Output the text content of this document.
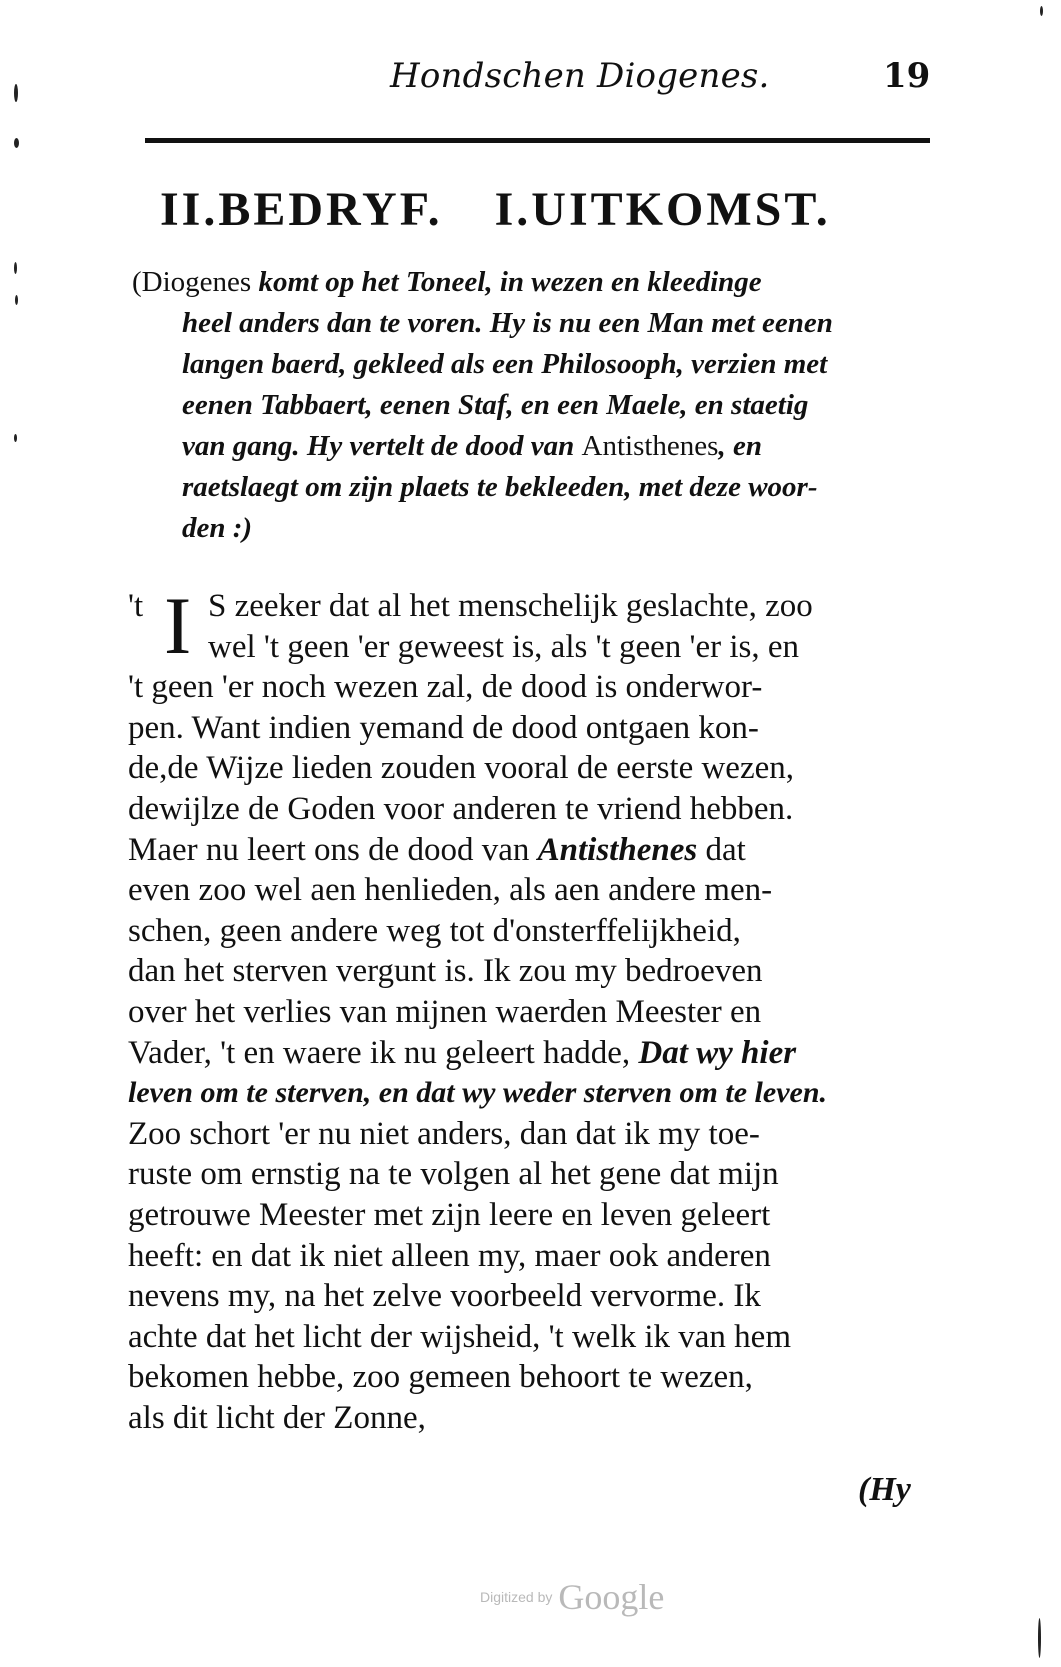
Hondschen Diogenes.	19
II.BEDRYF. I.UITKOMST.
(Diogenes komt op het Toneel, in wezen en kleedinge
heel anders dan te voren. Hy is nu een Man met eenen
langen baerd, gekleed als een Philosooph, verzien met
eenen Tabbaert, eenen Staf, en een Maele, en staetig
van gang. Hy vertelt de dood van Antisthenes, en
raetslaegt om zijn plaets te bekleeden, met deze woor-
den :)
't I S zeeker dat al het menschelijk geslachte, zoo
wel 't geen 'er geweest is, als 't geen 'er is, en
't geen 'er noch wezen zal, de dood is onderwor-
pen. Want indien yemand de dood ontgaen kon-
de,de Wijze lieden zouden vooral de eerste wezen,
dewijlze de Goden voor anderen te vriend hebben.
Maer nu leert ons de dood van Antisthenes dat
even zoo wel aen henlieden, als aen andere men-
schen, geen andere weg tot d'onsterffelijkheid,
dan het sterven vergunt is. Ik zou my bedroeven
over het verlies van mijnen waerden Meester en
Vader, 't en waere ik nu geleert hadde, Dat wy hier
leven om te sterven, en dat wy weder sterven om te leven.
Zoo schort 'er nu niet anders, dan dat ik my toe-
ruste om ernstig na te volgen al het gene dat mijn
getrouwe Meester met zijn leere en leven geleert
heeft: en dat ik niet alleen my, maer ook anderen
nevens my, na het zelve voorbeeld vervorme. Ik
achte dat het licht der wijsheid, 't welk ik van hem
bekomen hebbe, zoo gemeen behoort te wezen,
als dit licht der Zonne,
(Hy
Digitized by Google
